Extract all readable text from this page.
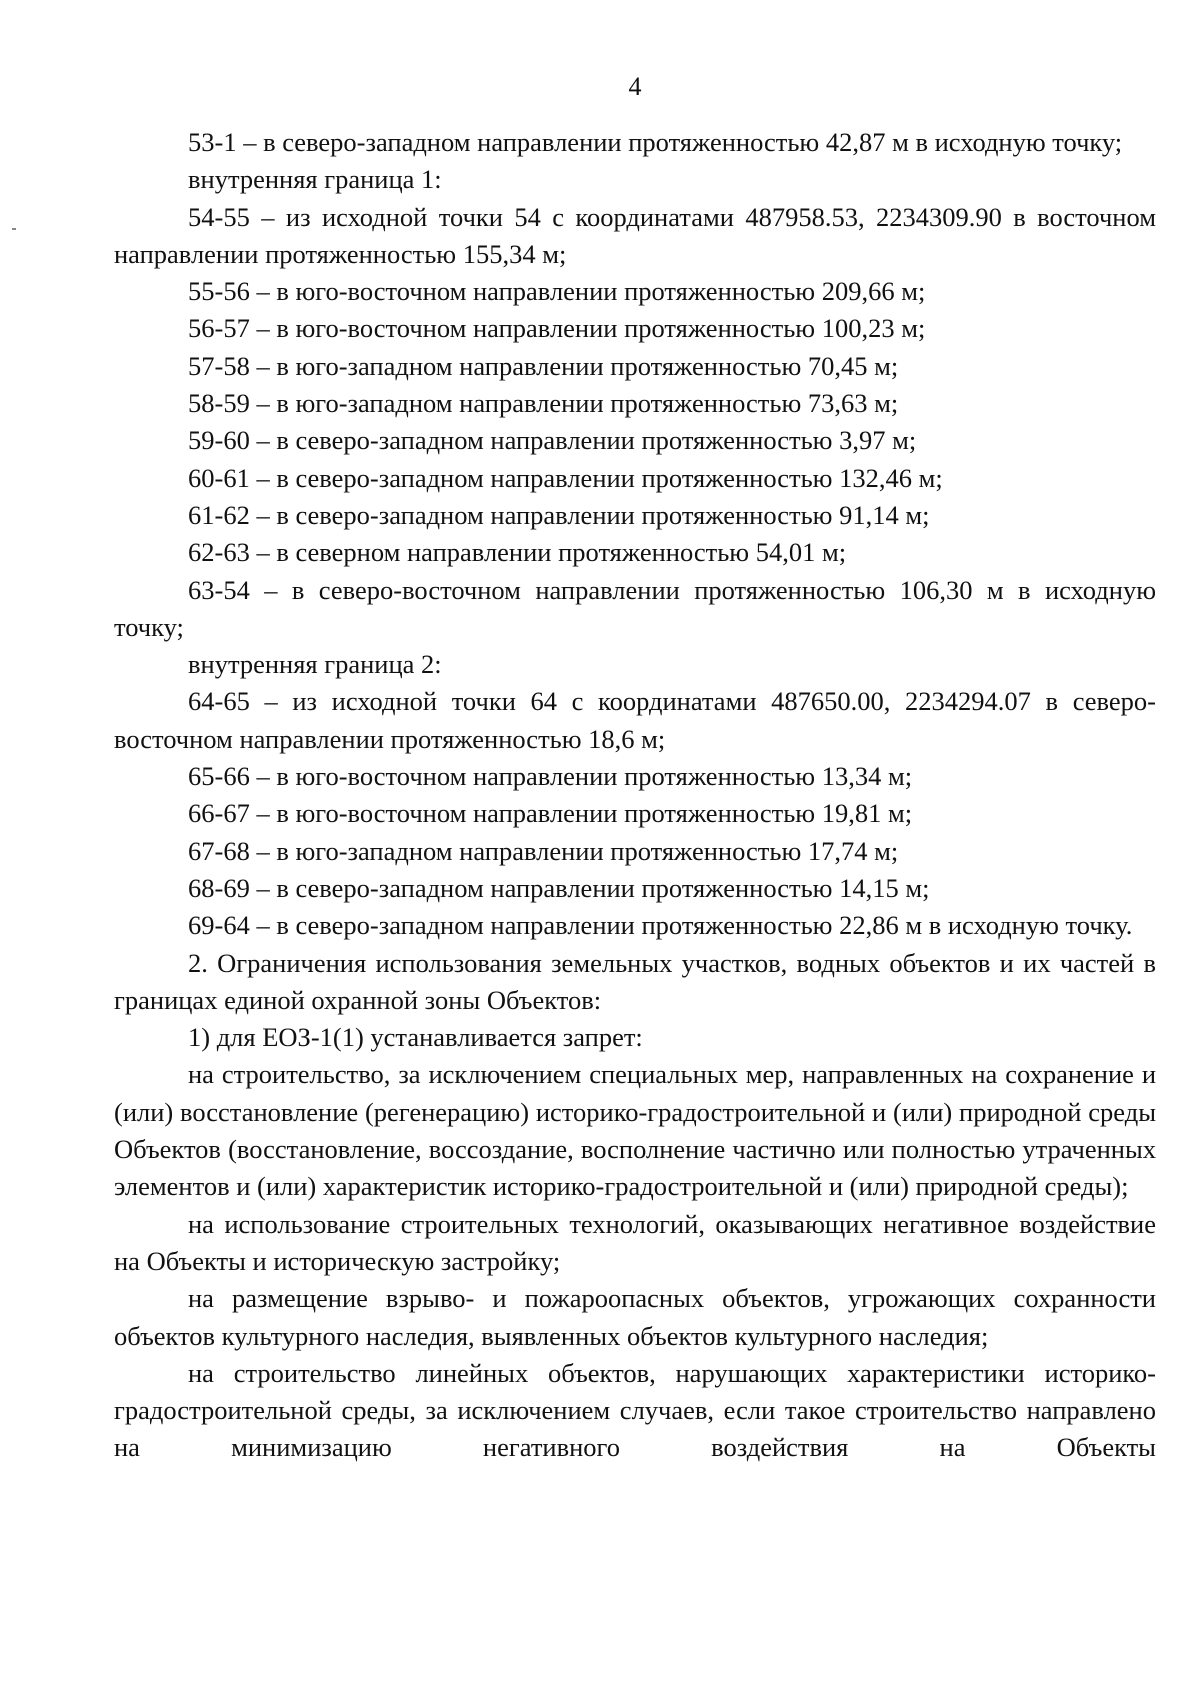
4

53-1 – в северо-западном направлении протяженностью 42,87 м в исходную точку;

внутренняя граница 1:

54-55 – из исходной точки 54 с координатами 487958.53, 2234309.90 в восточном направлении протяженностью 155,34 м;

55-56 – в юго-восточном направлении протяженностью 209,66 м;

56-57 – в юго-восточном направлении протяженностью 100,23 м;

57-58 – в юго-западном направлении протяженностью 70,45 м;

58-59 – в юго-западном направлении протяженностью 73,63 м;

59-60 – в северо-западном направлении протяженностью 3,97 м;

60-61 – в северо-западном направлении протяженностью 132,46 м;

61-62 – в северо-западном направлении протяженностью 91,14 м;

62-63 – в северном направлении протяженностью 54,01 м;

63-54 – в северо-восточном направлении протяженностью 106,30 м в исходную точку;

внутренняя граница 2:

64-65 – из исходной точки 64 с координатами 487650.00, 2234294.07 в северо-восточном направлении протяженностью 18,6 м;

65-66 – в юго-восточном направлении протяженностью 13,34 м;

66-67 – в юго-восточном направлении протяженностью 19,81 м;

67-68 – в юго-западном направлении протяженностью 17,74 м;

68-69 – в северо-западном направлении протяженностью 14,15 м;

69-64 – в северо-западном направлении протяженностью 22,86 м в исходную точку.

2. Ограничения использования земельных участков, водных объектов и их частей в границах единой охранной зоны Объектов:

1) для ЕОЗ-1(1) устанавливается запрет:

на строительство, за исключением специальных мер, направленных на сохранение и (или) восстановление (регенерацию) историко-градостроительной и (или) природной среды Объектов (восстановление, воссоздание, восполнение частично или полностью утраченных элементов и (или) характеристик историко-градостроительной и (или) природной среды);

на использование строительных технологий, оказывающих негативное воздействие на Объекты и историческую застройку;

на размещение взрыво- и пожароопасных объектов, угрожающих сохранности объектов культурного наследия, выявленных объектов культурного наследия;

на строительство линейных объектов, нарушающих характеристики историко-градостроительной среды, за исключением случаев, если такое строительство направлено на минимизацию негативного воздействия на Объекты
